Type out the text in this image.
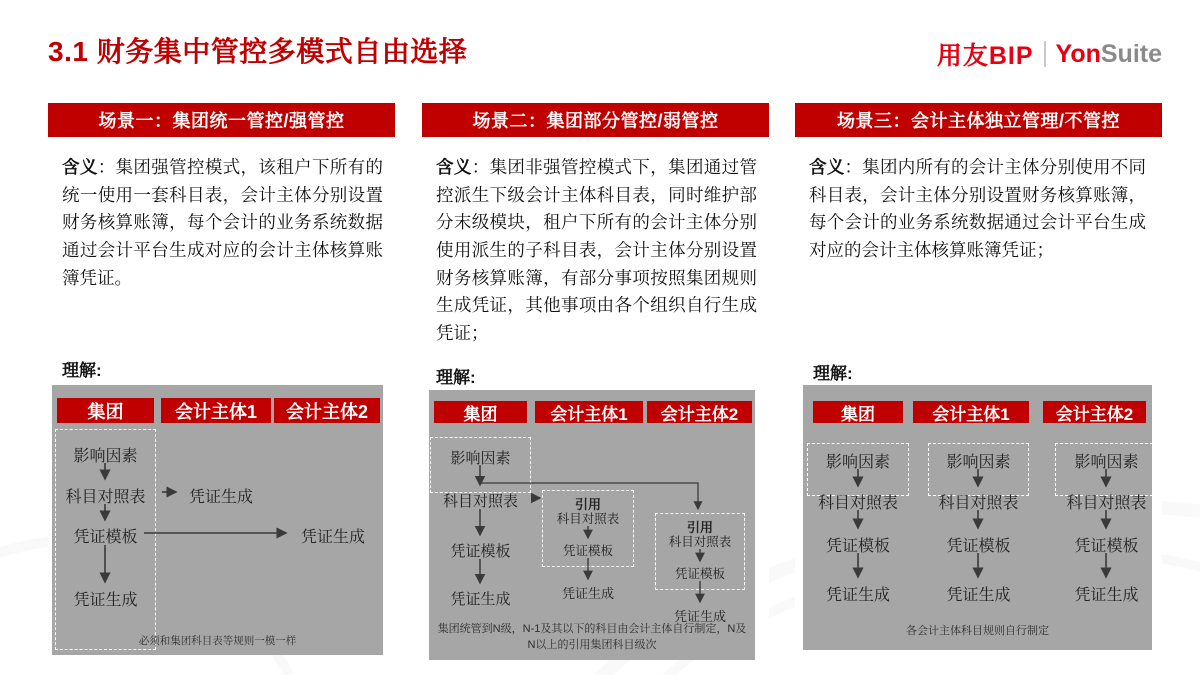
3.1 财务集中管控多模式自由选择	用友BIP Yon Suite
场景一：集团统一管控/强管控
含义：集团强管控模式，该租户下所有的统一使用一套科目表，会计主体分别设置财务核算账簿，每个会计的业务系统数据通过会计平台生成对应的会计主体核算账簿凭证。
理解:
集团	会计主体1	会计主体2
影响因素
科目对照表
凭证模板
凭证生成
凭证生成
凭证生成
必须和集团科目表等规则一模一样
场景二：集团部分管控/弱管控
含义：集团非强管控模式下，集团通过管控派生下级会计主体科目表，同时维护部分末级模块，租户下所有的会计主体分别使用派生的子科目表，会计主体分别设置财务核算账簿，有部分事项按照集团规则生成凭证，其他事项由各个组织自行生成凭证；
理解:
集团	会计主体1	会计主体2
影响因素
科目对照表
凭证模板
凭证生成
引用
科目对照表
凭证模板
凭证生成
引用
科目对照表
凭证模板
凭证生成
集团统管到N级，N-1及其以下的科目由会计主体自行制定，N及N以上的引用集团科目级次
场景三：会计主体独立管理/不管控
含义：集团内所有的会计主体分别使用不同科目表，会计主体分别设置财务核算账簿，每个会计的业务系统数据通过会计平台生成对应的会计主体核算账簿凭证；
理解:
集团	会计主体1	会计主体2
影响因素
科目对照表
凭证模板
凭证生成
影响因素
科目对照表
凭证模板
凭证生成
影响因素
科目对照表
凭证模板
凭证生成
各会计主体科目规则自行制定
